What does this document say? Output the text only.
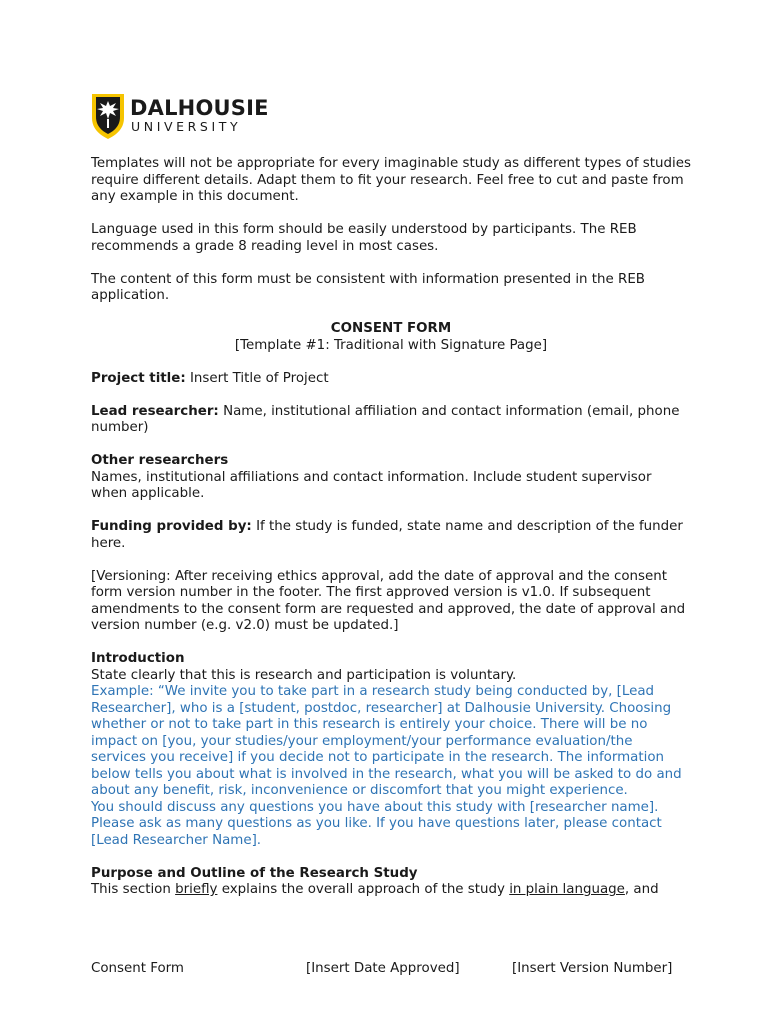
DALHOUSIE
UNIVERSITY

Templates will not be appropriate for every imaginable study as different types of studies require different details. Adapt them to fit your research. Feel free to cut and paste from any example in this document.

Language used in this form should be easily understood by participants. The REB recommends a grade 8 reading level in most cases.

The content of this form must be consistent with information presented in the REB application.

CONSENT FORM

[Template #1: Traditional with Signature Page]

Project title: Insert Title of Project

Lead researcher: Name, institutional affiliation and contact information (email, phone number)

Other researchers

Names, institutional affiliations and contact information. Include student supervisor when applicable.

Funding provided by: If the study is funded, state name and description of the funder here.

[Versioning: After receiving ethics approval, add the date of approval and the consent form version number in the footer. The first approved version is v1.0. If subsequent amendments to the consent form are requested and approved, the date of approval and version number (e.g. v2.0) must be updated.]

Introduction
State clearly that this is research and participation is voluntary.
Example: “We invite you to take part in a research study being conducted by, [Lead Researcher], who is a [student, postdoc, researcher] at Dalhousie University. Choosing whether or not to take part in this research is entirely your choice. There will be no impact on [you, your studies/your employment/your performance evaluation/the services you receive] if you decide not to participate in the research. The information below tells you about what is involved in the research, what you will be asked to do and about any benefit, risk, inconvenience or discomfort that you might experience.

You should discuss any questions you have about this study with [researcher name]. Please ask as many questions as you like. If you have questions later, please contact [Lead Researcher Name].

Purpose and Outline of the Research Study
This section briefly explains the overall approach of the study in plain language, and
Consent Form	[Insert Date Approved]	[Insert Version Number]
